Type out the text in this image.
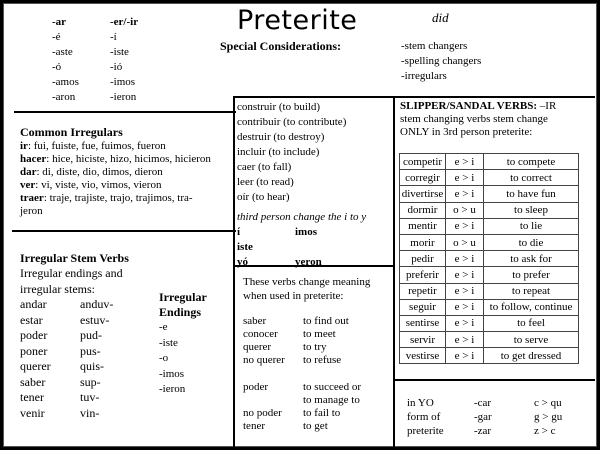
Preterite	did
-ar	-er/-ir
-é	-í
-aste	-iste
-ó	-ió
-amos	-imos
-aron	-ieron
Special Considerations:	-stem changers
-spelling changers
-irregulars
Common Irregulars
ir: fui, fuiste, fue, fuimos, fueron
hacer: hice, hiciste, hizo, hicimos, hicieron
dar: di, diste, dio, dimos, dieron
ver: vi, viste, vio, vimos, vieron
traer: traje, trajiste, trajo, trajimos, tra-jeron
Irregular Stem Verbs
Irregular endings and
irregular stems:
andar	anduv-
estar	estuv-
poder	pud-
poner	pus-
querer	quis-
saber	sup-
tener	tuv-
venir	vin-
Irregular
Endings
-e
-iste
-o
-imos
-ieron
construir (to build)
contribuir (to contribute)
destruir (to destroy)
incluir (to include)
caer (to fall)
leer (to read)
oír (to hear)
third person change the i to y
í	imos
iste
yó	yeron
These verbs change meaning
when used in preterite:
saber	to find out
conocer	to meet
querer	to try
no querer	to refuse
poder	to succeed or
to manage to
no poder	to fail to
tener	to get
SLIPPER/SANDAL VERBS: –IR
stem changing verbs stem change
ONLY in 3rd person preterite:
competir	e > i	to compete
corregir	e > i	to correct
divertirse	e > i	to have fun
dormir	o > u	to sleep
mentir	e > i	to lie
morir	o > u	to die
pedir	e > i	to ask for
preferir	e > i	to prefer
repetir	e > i	to repeat
seguir	e > i	to follow, continue
sentirse	e > i	to feel
servir	e > i	to serve
vestirse	e > i	to get dressed
in YO	-car	c > qu
form of	-gar	g > gu
preterite	-zar	z > c
